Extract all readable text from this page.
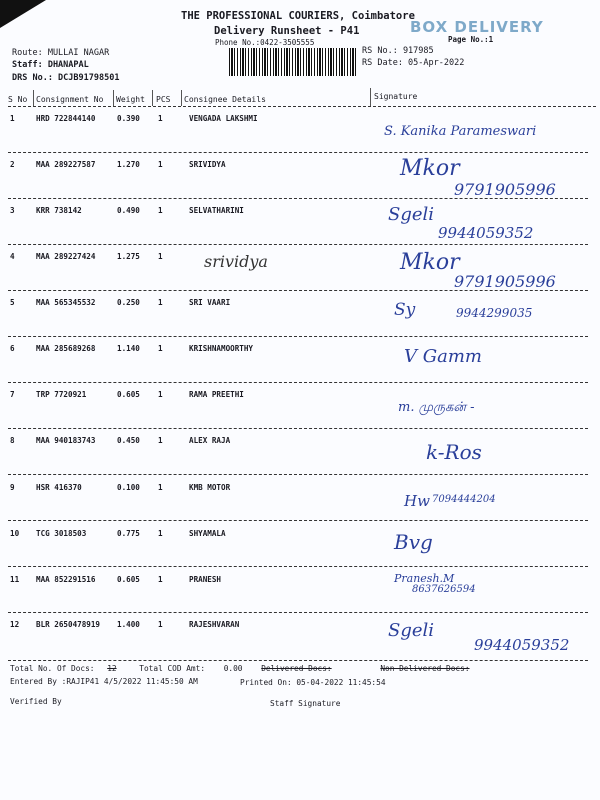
THE PROFESSIONAL COURIERS, Coimbatore
Delivery Runsheet - P41
Phone No.:0422-3505555
BOX DELIVERY
Page No.:1
Route: MULLAI NAGAR
Staff: DHANAPAL
DRS No.: DCJB91798501
RS No.: 917985
RS Date: 05-Apr-2022
S No Consignment No Weight PCS Consignee Details	Signature
1	HRD 722844140	0.390 1	VENGADA LAKSHMI
S. Kanika Parameswari
2	MAA 289227587	1.270 1	SRIVIDYA	Mkor
9791905996
3	KRR 738142	0.490 1	SELVATHARINI	Sgeli
9944059352
4	MAA 289227424	1.275 1	srividya	Mkor
9791905996
5	MAA 565345532	0.250 1	SRI VAARI	Sy	9944299035
6	MAA 285689268	1.140 1	KRISHNAMOORTHY	V Gamm
7	TRP 7720921	0.605 1	RAMA PREETHI
m. முருகன் -
8	MAA 940183743	0.450 1	ALEX RAJA	k-Ros
9	HSR 416370	0.100 1	KMB MOTOR
Hw 7094444204
10 TCG 3018503	0.775 1	SHYAMALA	Bvg
11 MAA 852291516	0.605 1	PRANESH	Pranesh.M
8637626594
12 BLR 2650478919 1.400 1	RAJESHVARAN	Sgeli
9944059352
Total No. Of Docs: 12	Total COD Amt: 0.00 Delivered Docs:	Non Delivered Docs:
Entered By :RAJIP41 4/5/2022 11:45:50 AM	Printed On: 05-04-2022 11:45:54
Verified By	Staff Signature
